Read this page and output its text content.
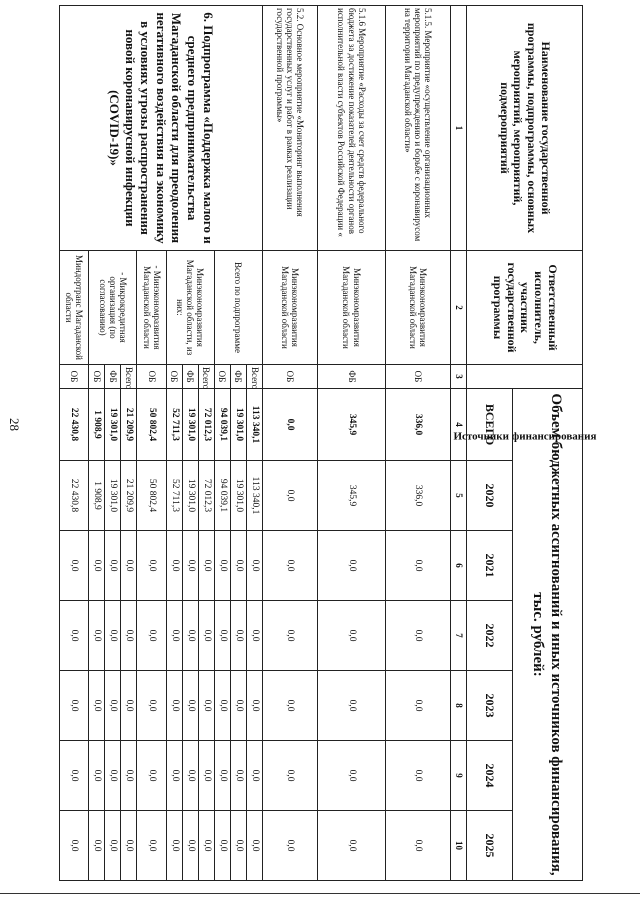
28
Наименование государственной программы, подпрограммы, основных мероприятий, мероприятий, подмероприятий	Ответственный исполнитель, участник государственной программы	Источники финансирования	Объем бюджетных ассигнований и иных источников финансирования, тыс. рублей:						
			ВСЕГО	2020	2021	2022	2023	2024	2025
1	2	3	4	5	6	7	8	9	10
5.1.5. Мероприятие «осуществление организационных мероприятий по предупреждению и борьбе с коронавирусом на территории Магаданской области»	Минэкономразвития Магаданской области	ОБ	336,0	336,0	0,0	0,0	0,0	0,0	0,0
5.1.6 Мероприятие «Расходы за счет средств федерального бюджета за достижение показателей деятельности органов исполнительной власти субъектов Российской Федерации «	Минэкономразвития Магаданской области	ФБ	345,9	345,9	0,0	0,0	0,0	0,0	0,0
5.2. Основное мероприятие «Мониторинг выполнения государственных услуг и работ в рамках реализации государственной программы»	Минэкономразвития Магаданской области	ОБ	0,0	0,0	0,0	0,0	0,0	0,0	0,0
6. Подпрограмма «Поддержка малого и среднего предпринимательства Магаданской области для преодоления негативного воздействия на экономику в условиях угрозы распространения новой коронавирусной инфекции (COVID-19)»	Всего по подпрограмме	Всего	113 340,1	113 340,1	0,0	0,0	0,0	0,0	0,0
		ФБ	19 301,0	19 301,0	0,0	0,0	0,0	0,0	0,0
		ОБ	94 039,1	94 039,1	0,0	0,0	0,0	0,0	0,0
	Минэкономразвития Магаданской области, из них:	Всего	72 012,3	72 012,3	0,0	0,0	0,0	0,0	0,0
		ФБ	19 301,0	19 301,0	0,0	0,0	0,0	0,0	0,0
		ОБ	52 711,3	52 711,3	0,0	0,0	0,0	0,0	0,0
	- Минэкономразвития Магаданской области	ОБ	50 802,4	50 802,4	0,0	0,0	0,0	0,0	0,0
	- Микрокредитная организация (по согласованию)	Всего	21 209,9	21 209,9	0,0	0,0	0,0	0,0	0,0
		ФБ	19 301,0	19 301,0	0,0	0,0	0,0	0,0	0,0
		ОБ	1 908,9	1 908,9	0,0	0,0	0,0	0,0	0,0
	Миндортранс Магаданской области	ОБ	22 430,8	22 430,8	0,0	0,0	0,0	0,0	0,0
